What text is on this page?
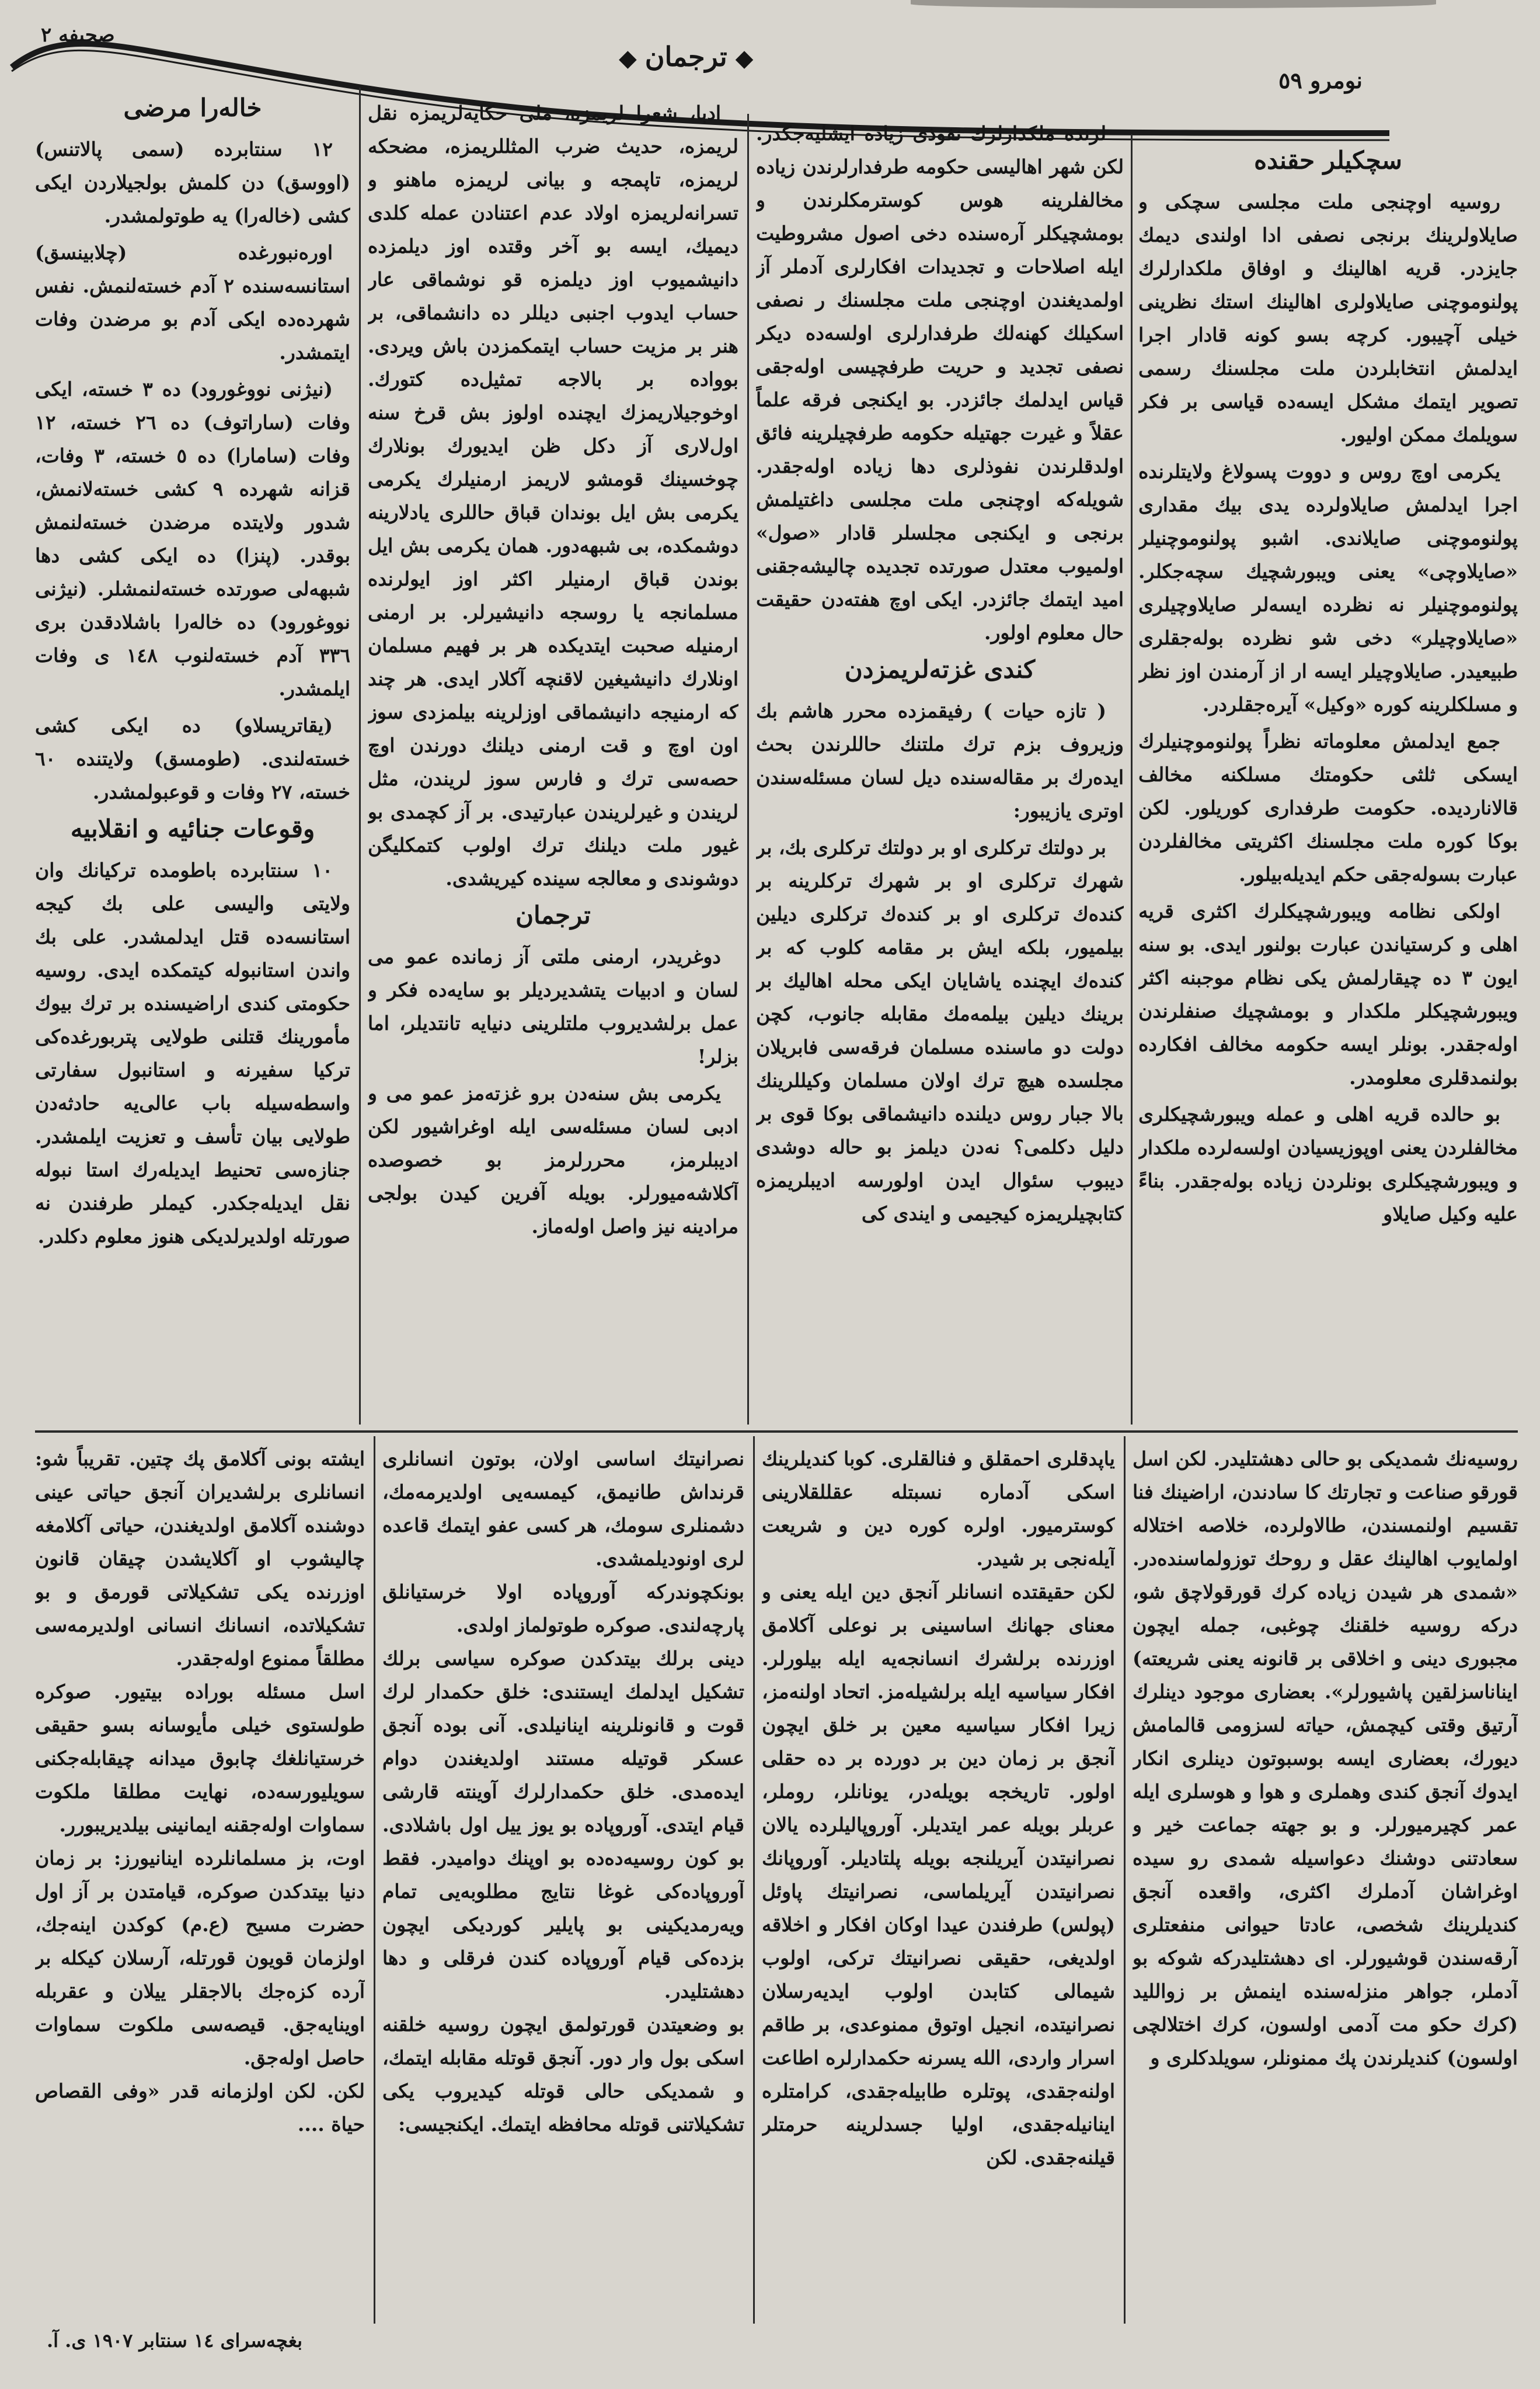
صحیفه ٢
◆ ترجمان ◆
نومرو ٥٩
سچکیلر حقنده

روسیه اوچنجی ملت مجلسی سچکی و صایلاولرینك برنجی نصفی ادا اولندی دیمك جایزدر. قریه اهالینك و اوفاق ملكدارلرك پولنوموچنی صایلاولری اهالینك استك نظرینی خیلی آچیبور. کرچه بسو کونه قادار اجرا ایدلمش انتخابلردن ملت مجلسنك رسمی تصویر ایتمك مشکل ایسه‌ده قیاسی بر فکر سویلمك ممکن اولیور.

یکرمی اوچ روس و دووت پسولاغ ولایتلرنده اجرا ایدلمش صایلاولرده یدی بیك مقداری پولنوموچنی صایلاندی. اشبو پولنوموچنیلر «صایلاوچی» یعنی ویبورشچیك سچه‌جکلر. پولنوموچنیلر نه نظرده ایسه‌لر صایلاوچیلری «صایلاوچیلر» دخی شو نظرده بوله‌جقلری طبیعیدر. صایلاوچیلر ایسه ار از آرمندن اوز نظر و مسلکلرینه کوره «وکیل» آیره‌جقلردر.

جمع ایدلمش معلوماته نظراً پولنوموچنیلرك ایسکی ثلثی حکومتك مسلکنه مخالف قالاناردیده. حکومت طرفداری کوریلور. لکن بوکا کوره ملت مجلسنك اکثریتی مخالفلردن عبارت بسوله‌جقی حکم ایدیله‌بیلور.

اولکی نظامه ویبورشچیکلرك اکثری قریه اهلی و کرستیاندن عبارت بولنور ایدی. بو سنه ایون ٣ ده چیقارلمش یکی نظام موجبنه اکثر ویبورشچیکلر ملكدار و بومشچیك صنفلرندن اوله‌جقدر. بونلر ایسه حکومه مخالف افکارده بولنمدقلری معلومدر.

بو حالده قریه اهلی و عمله ویبورشچیکلری مخالفلردن یعنی اوپوزیسیادن اولسه‌لرده ملكدار و ویبورشچیکلری بونلردن زیاده بوله‌جقدر. بناءً علیه وکیل صایلاو

لرنده ملكدارلرك نفوذی زیاده ایشلیه‌جکدر. لکن شهر اهالیسی حکومه طرفدارلرندن زیاده مخالفلرینه هوس کوسترمکلرندن و بومشچیکلر آرەسنده دخی اصول مشروطیت ایله اصلاحات و تجدیدات افکارلری آدملر آز اولمدیغندن اوچنجی ملت مجلسنك ر نصفی اسکیلك کهنه‌لك طرفدارلری اولسه‌ده دیکر نصفی تجدید و حریت طرفچیسی اوله‌جقی قیاس ایدلمك جائزدر. بو ایکنجی فرقه علماً عقلاً و غیرت جهتیله حکومه طرفچیلرینه فائق اولدقلرندن نفوذلری دها زیاده اوله‌جقدر. شویله‌که اوچنجی ملت مجلسی داغتیلمش برنجی و ایکنجی مجلسلر قادار «صول» اولمیوب معتدل صورتده تجدیده چالیشه‌جقنی امید ایتمك جائزدر. ایکی اوچ هفته‌دن حقیقت حال معلوم اولور.

کندی غزته‌لریمزدن

( تازه حیات ) رفیقمزده محرر هاشم بك وزیروف بزم ترك ملتنك حاللرندن بحث ایده‌رك بر مقاله‌سنده دیل لسان مسئله‌سندن اوتری یازیبور:

بر دولتك ترکلری او بر دولتك ترکلری بك، بر شهرك ترکلری او بر شهرك ترکلرینه بر کنده‌ك ترکلری او بر کنده‌ك ترکلری دیلین بیلمیور، بلکه ایش بر مقامه کلوب که بر کنده‌ك ایچنده یاشایان ایکی محله اهالیك بر برینك دیلین بیلمه‌مك مقابله جانوب، کچن دولت دو ماسنده مسلمان فرقه‌سی فابریلان مجلسده هیچ ترك اولان مسلمان وکیللرینك بالا جبار روس دیلنده دانیشماقی بوکا قوی بر دلیل دکلمی؟ نه‌دن دیلمز بو حاله دوشدی دیبوب سئوال ایدن اولورسه ادیبلریمزه کتابچیلریمزه کیجیمی و ایندی کی

ادبا، شعرا لریمزه، ملی حکایه‌لریمزه نقل لریمزه، حدیث ضرب المثللریمزه، مضحکه لریمزه، تاپمجه و بیانی لریمزه ماهنو و تسرانه‌لریمزه اولاد عدم اعتنادن عمله کلدی دیمیك، ایسه بو آخر وقتده اوز دیلمزده دانیشمیوب اوز دیلمزه قو نوشماقی عار حساب ایدوب اجنبی دیللر ده دانشماقی، بر هنر بر مزیت حساب ایتمکمزدن باش ویردی. بوواده بر بالاجه تمثیل‌ده کتورك. اوخوجیلاریمزك ایچنده اولوز بش قرخ سنه اول‌لاری آز دکل ظن ایدیورك بونلارك چوخسینك قومشو لاریمز ارمنیلرك یکرمی یکرمی بش ایل بوندان قباق حاللری یادلارینه دوشمکده، بی شبهه‌دور. همان یکرمی بش ایل بوندن قباق ارمنیلر اکثر اوز ایولرنده مسلمانجه یا روسجه دانیشیرلر. بر ارمنی ارمنیله صحبت ایتدیکده هر بر فهیم مسلمان اونلارك دانیشیغین لاقنچه آکلار ایدی. هر چند که ارمنیجه دانیشماقی اوزلرینه بیلمزدی سوز اون اوچ و قت ارمنی دیلنك دورندن اوچ حصه‌سی ترك و فارس سوز لریندن، مثل لریندن و غیرلریندن عبارتیدی. بر آز کچمدی بو غیور ملت دیلنك ترك اولوب کتمکلیگن دوشوندی و معالجه سینده کیریشدی.

ترجمان

دوغریدر، ارمنی ملتی آز زمانده عمو می لسان و ادبیات یتشدیردیلر بو سایه‌ده فکر و عمل برلشدیروب ملتلرینی دنیایه تانتدیلر، اما بزلر!

یکرمی بش سنه‌دن برو غزته‌مز عمو می و ادبی لسان مسئله‌سی ایله اوغراشیور لکن ادیبلرمز، محررلرمز بو خصوصده آکلاشه‌میورلر. بویله آفرین کیدن بولجی مرادینه نیز واصل اوله‌ماز.

خاله‌را مرضی

١٢ سنتابرده (سمی پالاتنس) (اووسق) دن کلمش بولجیلاردن ایکی کشی (خاله‌را) یه طوتولمشدر.

اوره‌نبورغده (چلابینسق) استانسه‌سنده ٢ آدم خسته‌لنمش. نفس شهرده‌ده ایکی آدم بو مرضدن وفات ایتمشدر.

(نیژنی نووغورود) ده ٣ خسته، ایکی وفات (ساراتوف) ده ٢٦ خسته، ١٢ وفات (سامارا) ده ٥ خسته، ٣ وفات، قزانه شهرده ٩ کشی خسته‌لانمش، شدور ولایتده مرضدن خسته‌لنمش بوقدر. (پنزا) ده ایکی کشی دها شبهه‌لی صورتده خسته‌لنمشلر. (نیژنی نووغورود) ده خاله‌را باشلادقدن بری ٣٣٦ آدم خسته‌لنوب ١٤٨ ی وفات ایلمشدر.

(یقاتریسلاو) ده ایکی کشی خسته‌لندی. (طومسق) ولایتنده ٦٠ خسته، ٢٧ وفات و قوعبولمشدر.

وقوعات جنائیه و انقلابیه

١٠ سنتابرده باطومده ترکیانك وان ولایتی والیسی علی بك کیجه استانسه‌ده قتل ایدلمشدر. علی بك واندن استانبوله کیتمکده ایدی. روسیه حکومتی کندی اراضیسنده بر ترك بیوك مأمورینك قتلنی طولایی پتربورغده‌کی ترکیا سفیرنه و استانبول سفارتی واسطه‌سیله باب عالی‌یه حادثه‌دن طولایی بیان تأسف و تعزیت ایلمشدر. جنازه‌سی تحنیط ایدیله‌رك استا نبوله نقل ایدیله‌جکدر. کیملر طرفندن نه صورتله اولدیرلدیکی هنوز معلوم دکلدر.

روسیه‌نك شمدیکی بو حالی دهشتلیدر. لکن اسل قورقو صناعت و تجارتك کا سادندن، اراضینك فنا تقسیم اولنمسندن، طالاولرده، خلاصه اختلاله اولمایوب اهالینك عقل و روحك توزولماسندەدر. «شمدی هر شیدن زیاده کرك قورقولاچق شو، درکه روسیه خلقنك چوغبی، جمله ایچون مجبوری دینی و اخلاقی بر قانونه یعنی شریعته) ایناناسزلقین پاشیورلر». بعضاری موجود دینلرك آرتیق وقتی کیچمش، حیاته لسزومی قالمامش دیورك، بعضاری ایسه بوسبوتون دینلری انکار ایدوك آنجق کندی وهملری و هوا و هوسلری ایله عمر کچیرمیورلر. و بو جهته جماعت خیر و سعادتنی دوشنك دعواسیله شمدی رو سیده اوغراشان آدملرك اکثری، واقعده آنجق کندیلرینك شخصی، عادتا حیوانی منفعتلری آرقه‌سندن قوشیورلر. ای دهشتلیدرکه شوکه بو آدملر، جواهر منزله‌سنده اینمش بر زواللید (کرك حکو مت آدمی اولسون، کرك اختلالچی اولسون) کندیلرندن پك ممنونلر، سویلدکلری و
یاپدقلری احمقلق و فنالقلری. کوبا کندیلرینك اسکی آدمارە نسبتله عقللقلارینی کوسترمیور. اولره کوره دین و شریعت آیله‌نجی بر شیدر.
لکن حقیقتده انسانلر آنجق دین ایله یعنی و معنای جهانك اساسینی بر نوعلی آکلامق اوزرنده برلشرك انسانجه‌یه ایله بیلورلر. افکار سیاسیه ایله برلشیله‌مز. اتحاد اولنه‌مز، زیرا افکار سیاسیه معین بر خلق ایچون آنجق بر زمان دین بر دورده بر ده حقلی اولور. تاریخجه بویله‌در، یونانلر، روملر، عربلر بویله عمر ایتدیلر. آوروپالیلرده یالان نصرانیتدن آیریلنجه بویله پلتادیلر. آوروپانك نصرانیتدن آیریلماسی، نصرانیتك پاوئل (پولس) طرفندن عیدا اوکان افکار و اخلاقه اولدیغی، حقیقی نصرانیتك ترکی، اولوب شیمالی کتابدن اولوب ایدیه‌رسلان نصرانیتده، انجیل اوتوق ممنوعدی، بر طاقم اسرار واردی، الله یسرنه حکمدارلره اطاعت اولنه‌جقدی، پوتلره طابیله‌جقدی، کرامتلره اینانیله‌جقدی، اولیا جسدلرینه حرمتلر قیلنه‌جقدی. لکن
نصرانیتك اساسی اولان، بوتون انسانلری قرنداش طانیمق، کیمسەیی اولدیرمه‌مك، دشمنلری سومك، هر کسی عفو ایتمك قاعده لری اونودیلمشدی.
بونکچوندرکه آوروپاده اولا خرستیانلق پارچه‌لندی. صوکره طوتولماز اولدی.
دینی برلك بیتدکدن صوکره سیاسی برلك تشکیل ایدلمك ایستندی: خلق حکمدار لرك قوت و قانونلرینه اینانیلدی. آنی بوده آنجق عسکر قوتیله مستند اولدیغندن دوام ایدەمدی. خلق حکمدارلرك آوینته قارشی قیام ایتدی. آوروپاده بو یوز ییل اول باشلادی. بو کون روسیەده‌ده بو اوپنك دوامیدر. فقط آوروپاده‌کی غوغا نتایج مطلوبه‌یی تمام ویەرمدیکینی بو پایلیر کوردیکی ایچون بزده‌کی قیام آوروپاده کندن فرقلی و دها دهشتلیدر.
بو وضعیتدن قورتولمق ایچون روسیه خلقنه اسکی بول وار دور. آنجق قوتله مقابله ایتمك، و شمدیکی حالی قوتله کیدیروب یکی تشکیلاتنی قوتله محافظه ایتمك. ایکنجیسی:
ایشته بونی آکلامق پك چتین. تقریباً شو: انسانلری برلشدیران آنجق حیاتی عینی دوشنده آکلامق اولدیغندن، حیاتی آکلامغه چالیشوب او آکلایشدن چیقان قانون اوزرنده یکی تشکیلاتی قورمق و بو تشکیلاتده، انسانك انسانی اولدیرمه‌سی مطلقاً ممنوع اوله‌جقدر.
اسل مسئله بوراده بیتیور. صوکره طولستوی خیلی مأیوسانه بسو حقیقی خرستیانلغك چابوق میدانه چیقابله‌جکنی سویلیورسه‌ده، نهایت مطلقا ملکوت سماوات اوله‌جقنه ایمانینی بیلدیریبورر.
اوت، بز مسلمانلرده اینانیورز: بر زمان دنیا بیتدکدن صوکره، قیامتدن بر آز اول حضرت مسیح (ع.م) کوکدن اینه‌جك، اولزمان قویون قورتله، آرسلان کیکله بر آرده کزه‌جك بالاجقلر ییلان و عقربله اوینایه‌جق. قیصه‌سی ملکوت سماوات حاصل اوله‌جق.
لکن. لکن اولزمانه قدر «وفی القصاص حیاة ....
بغچه‌سرای ١٤ سنتابر ١٩٠٧ ی. آ.
